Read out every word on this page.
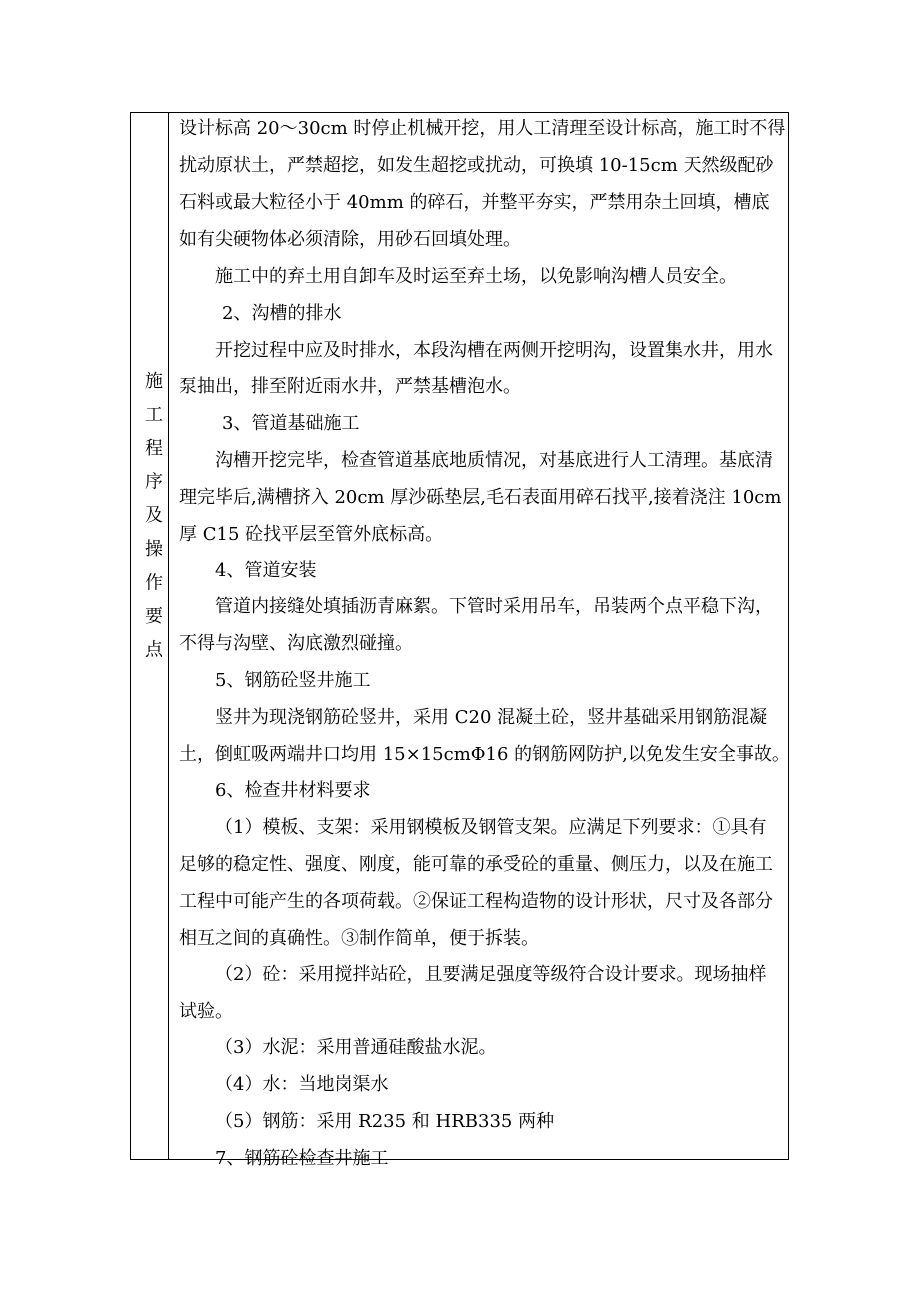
施工程序及操作要点
设计标高 20～30cm 时停止机械开挖，用人工清理至设计标高，施工时不得
扰动原状土，严禁超挖，如发生超挖或扰动，可换填 10-15cm 天然级配砂
石料或最大粒径小于 40mm 的碎石，并整平夯实，严禁用杂土回填，槽底
如有尖硬物体必须清除，用砂石回填处理。
施工中的弃土用自卸车及时运至弃土场，以免影响沟槽人员安全。
2、沟槽的排水
开挖过程中应及时排水，本段沟槽在两侧开挖明沟，设置集水井，用水
泵抽出，排至附近雨水井，严禁基槽泡水。
3、管道基础施工
沟槽开挖完毕，检查管道基底地质情况，对基底进行人工清理。基底清
理完毕后,满槽挤入 20cm 厚沙砾垫层,毛石表面用碎石找平,接着浇注 10cm
厚 C15 砼找平层至管外底标高。
4、管道安装
管道内接缝处填插沥青麻絮。下管时采用吊车，吊装两个点平稳下沟，
不得与沟壁、沟底激烈碰撞。
5、钢筋砼竖井施工
竖井为现浇钢筋砼竖井，采用 C20 混凝土砼，竖井基础采用钢筋混凝
土，倒虹吸两端井口均用 15×15cmΦ16 的钢筋网防护,以免发生安全事故。
6、检查井材料要求
（1）模板、支架：采用钢模板及钢管支架。应满足下列要求：①具有
足够的稳定性、强度、刚度，能可靠的承受砼的重量、侧压力，以及在施工
工程中可能产生的各项荷载。②保证工程构造物的设计形状，尺寸及各部分
相互之间的真确性。③制作简单，便于拆装。
（2）砼：采用搅拌站砼，且要满足强度等级符合设计要求。现场抽样
试验。
（3）水泥：采用普通硅酸盐水泥。
（4）水：当地岗渠水
（5）钢筋：采用 R235 和 HRB335 两种
7、钢筋砼检查井施工
